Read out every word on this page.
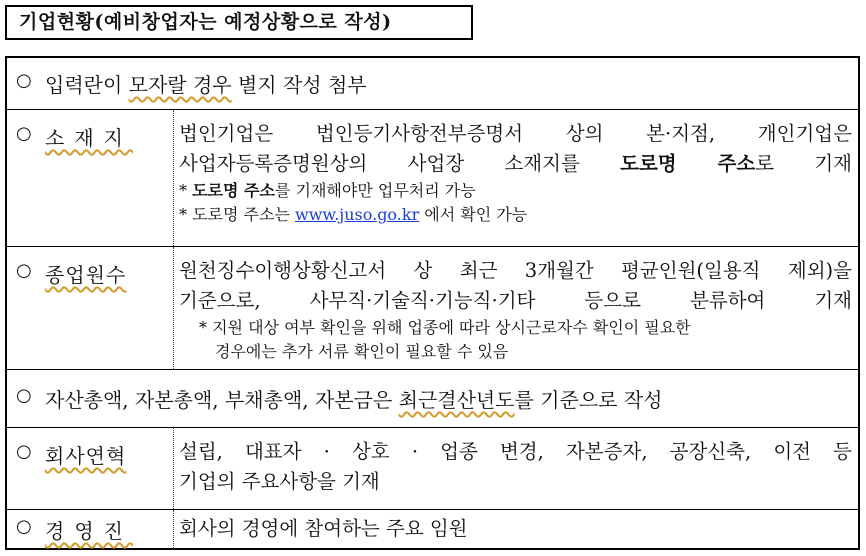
기업현황(예비창업자는 예정상황으로 작성)
○ 입력란이 모자랄 경우 별지 작성 첨부
○ 소재지 법인기업은 법인등기사항전부증명서 상의 본·지점, 개인기업은
사업자등록증명원상의 사업장 소재지를 도로명 주소로 기재
* 도로명 주소를 기재해야만 업무처리 가능
* 도로명 주소는 www.juso.go.kr 에서 확인 가능
○ 종업원수	원천징수이행상황신고서 상 최근 3개월간 평균인원(일용직 제외)을
기준으로, 사무직·기술직·기능직·기타 등으로 분류하여 기재
* 지원 대상 여부 확인을 위해 업종에 따라 상시근로자수 확인이 필요한
경우에는 추가 서류 확인이 필요할 수 있음
○ 자산총액, 자본총액, 부채총액, 자본금은 최근결산년도를 기준으로 작성
○ 회사연혁	설립, 대표자 · 상호 · 업종 변경, 자본증자, 공장신축, 이전 등
기업의 주요사항을 기재
○ 경영진 회사의 경영에 참여하는 주요 임원
